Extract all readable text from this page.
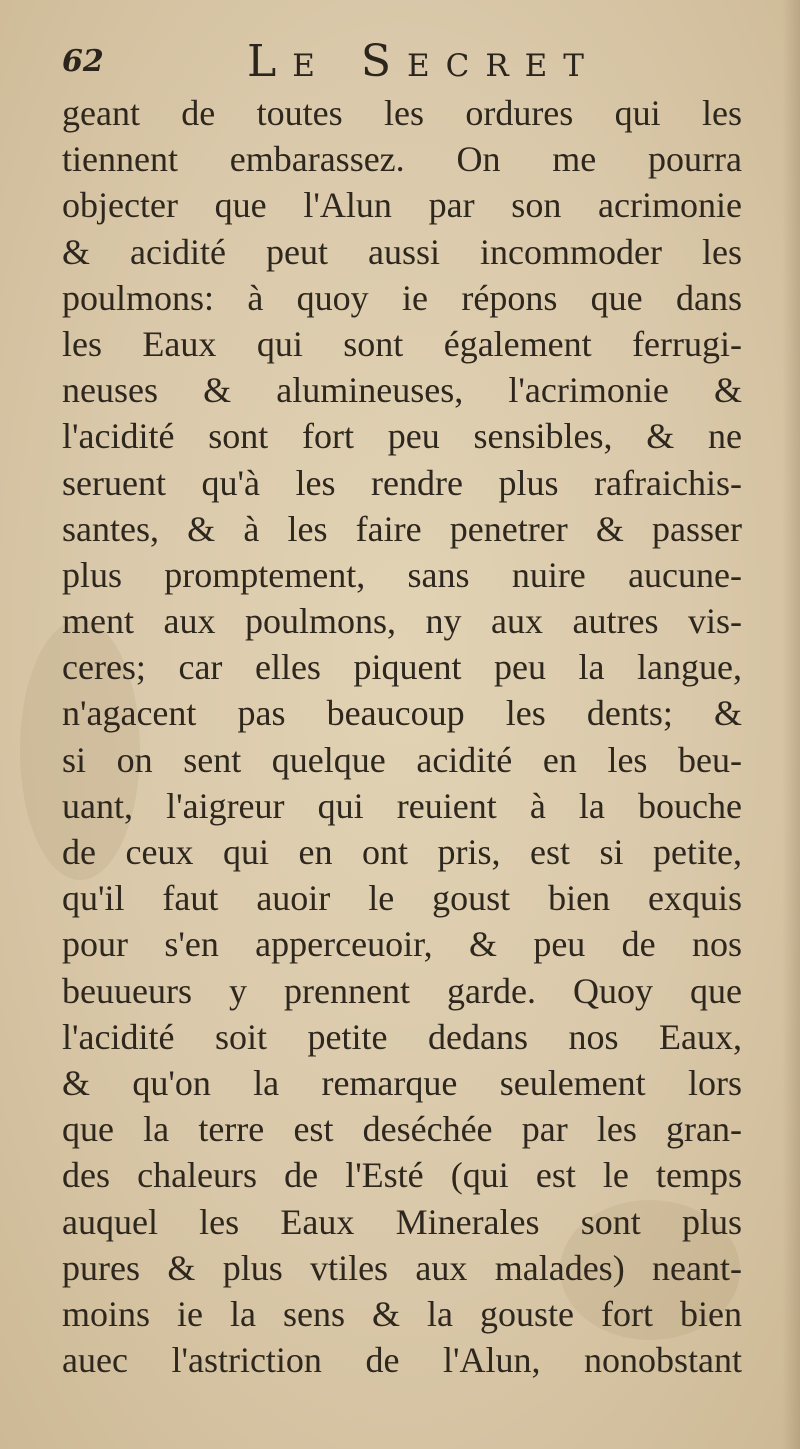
62	Le Secret
geant de toutes les ordures qui les
tiennent embarassez. On me pourra
objecter que l'Alun par son acrimonie
& acidité peut aussi incommoder les
poulmons: à quoy ie répons que dans
les Eaux qui sont également ferrugi-
neuses & alumineuses, l'acrimonie &
l'acidité sont fort peu sensibles, & ne
seruent qu'à les rendre plus rafraichis-
santes, & à les faire penetrer & passer
plus promptement, sans nuire aucune-
ment aux poulmons, ny aux autres vis-
ceres; car elles piquent peu la langue,
n'agacent pas beaucoup les dents; &
si on sent quelque acidité en les beu-
uant, l'aigreur qui reuient à la bouche
de ceux qui en ont pris, est si petite,
qu'il faut auoir le goust bien exquis
pour s'en apperceuoir, & peu de nos
beuueurs y prennent garde. Quoy que
l'acidité soit petite dedans nos Eaux,
& qu'on la remarque seulement lors
que la terre est deséchée par les gran-
des chaleurs de l'Esté (qui est le temps
auquel les Eaux Minerales sont plus
pures & plus vtiles aux malades) neant-
moins ie la sens & la gouste fort bien
auec l'astriction de l'Alun, nonobstant
